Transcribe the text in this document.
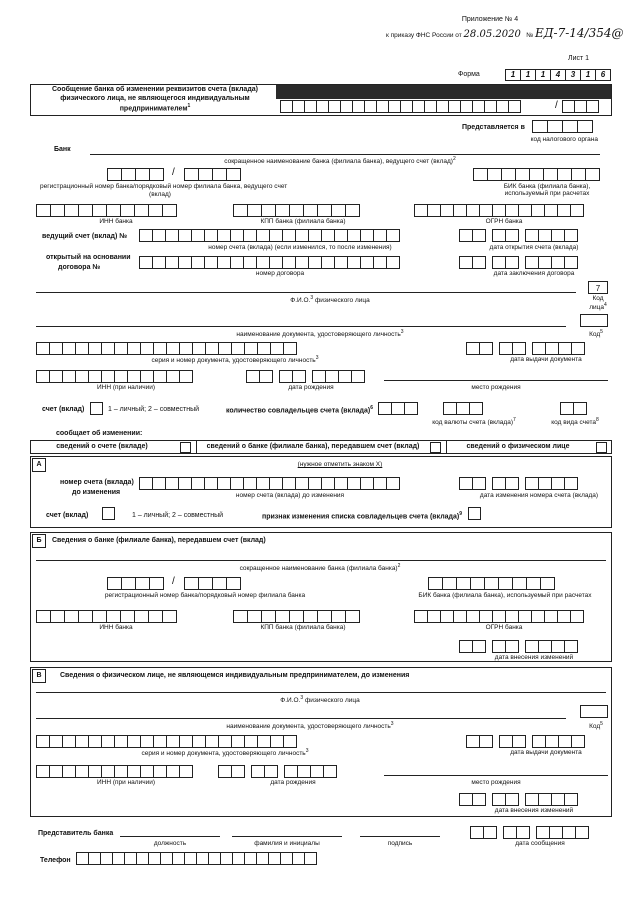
Приложение № 4
к приказу ФНС России от 28.05.2020 № ЕД-7-14/354@
Лист 1
Форма	1	1	1	4	3	1	6
Сообщение банка об изменении реквизитов счета (вклада)
физического лица, не являющегося индивидуальным
предпринимателем$^1$	/
Представляется в
код налогового органа
Банк
сокращенное наименование банка (филиала банка), ведущего счет (вклад)$^2$
/
регистрационный номер банка/порядковый номер филиала банка, ведущего счет
(вклад)
БИК банка (филиала банка),
используемый при расчетах
ИНН банка	КПП банка (филиала банка)	ОГРН банка
ведущий счет (вклад) №
номер счета (вклада) (если изменился, то после изменения)	дата открытия счета (вклада)
открытый на основании
договора №
номер договора	дата заключения договора
7
Код
лица$^4$
Ф.И.О.$^3$ физического лица
наименование документа, удостоверяющего личность$^3$	Код$^5$
серия и номер документа, удостоверяющего личность$^3$	дата выдачи документа
ИНН (при наличии)	дата рождения	место рождения
счет (вклад)	1 – личный; 2 – совместный	количество совладельцев счета (вклада)$^6$
код валюты счета (вклада)$^7$	код вида счета$^8$
сообщает об изменении:
сведений о счете (вкладе)	сведений о банке (филиале банка), передавшем счет (вклад)	сведений о физическом лице
А	(нужное отметить знаком Х)
номер счета (вклада)
до изменения	номер счета (вклада) до изменения	дата изменения номера счета (вклада)
счет (вклад)	1 – личный; 2 – совместный	признак изменения списка совладельцев счета (вклада)$^9$
Б	Сведения о банке (филиале банка), передавшем счет (вклад)
сокращенное наименование банка (филиала банка)$^2$
/
регистрационный номер банка/порядковый номер филиала банка	БИК банка (филиала банка), используемый при расчетах
ИНН банка	КПП банка (филиала банка)	ОГРН банка
дата внесения изменений
В	Сведения о физическом лице, не являющемся индивидуальным предпринимателем, до изменения
Ф.И.О.$^3$ физического лица
наименование документа, удостоверяющего личность$^3$	Код$^5$
серия и номер документа, удостоверяющего личность$^3$	дата выдачи документа
ИНН (при наличии)	дата рождения	место рождения
дата внесения изменений
Представитель банка
должность	фамилия и инициалы	подпись	дата сообщения
Телефон
